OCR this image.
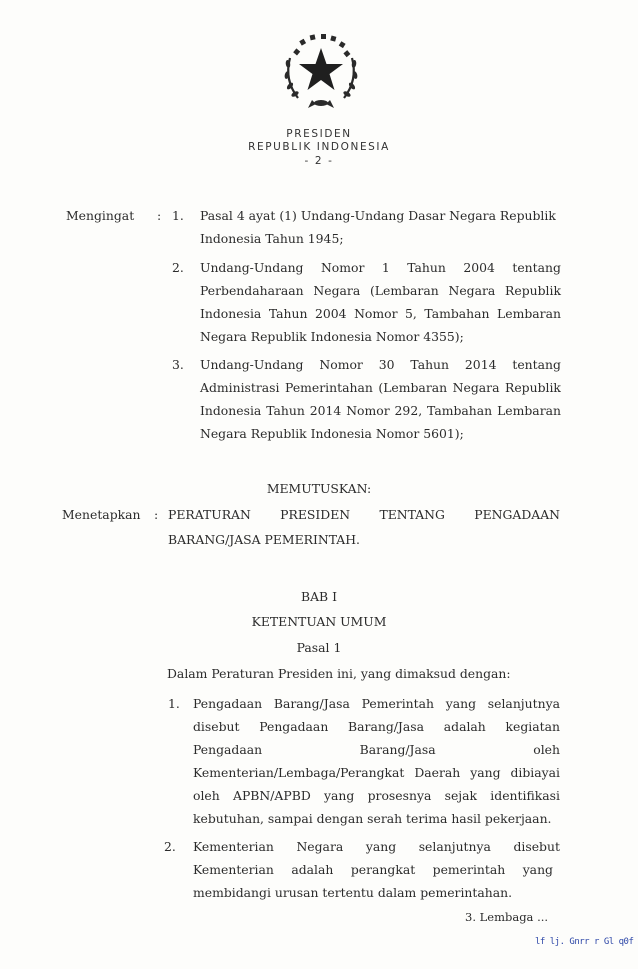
PRESIDEN
REPUBLIK INDONESIA
- 2 -
Mengingat : 1. Pasal 4 ayat (1) Undang-Undang Dasar Negara Republik
Indonesia Tahun 1945;
2. Undang-Undang Nomor 1 Tahun 2004 tentang
Perbendaharaan Negara (Lembaran Negara Republik
Indonesia Tahun 2004 Nomor 5, Tambahan Lembaran
Negara Republik Indonesia Nomor 4355);
3. Undang-Undang Nomor 30 Tahun 2014 tentang
Administrasi Pemerintahan (Lembaran Negara Republik
Indonesia Tahun 2014 Nomor 292, Tambahan Lembaran
Negara Republik Indonesia Nomor 5601);
MEMUTUSKAN:
Menetapkan : PERATURAN PRESIDEN TENTANG PENGADAAN
BARANG/JASA PEMERINTAH.
BAB I
KETENTUAN UMUM
Pasal 1
Dalam Peraturan Presiden ini, yang dimaksud dengan:
1. Pengadaan Barang/Jasa Pemerintah yang selanjutnya
disebut Pengadaan Barang/Jasa adalah kegiatan
Pengadaan	Barang/Jasa	oleh
Kementerian/Lembaga/Perangkat Daerah yang dibiayai
oleh APBN/APBD yang prosesnya sejak identifikasi
kebutuhan, sampai dengan serah terima hasil pekerjaan.
2. Kementerian Negara yang selanjutnya disebut
Kementerian adalah perangkat pemerintah yang
membidangi urusan tertentu dalam pemerintahan.
3. Lembaga ...
lf lj. Gnrr r Gl q0f
